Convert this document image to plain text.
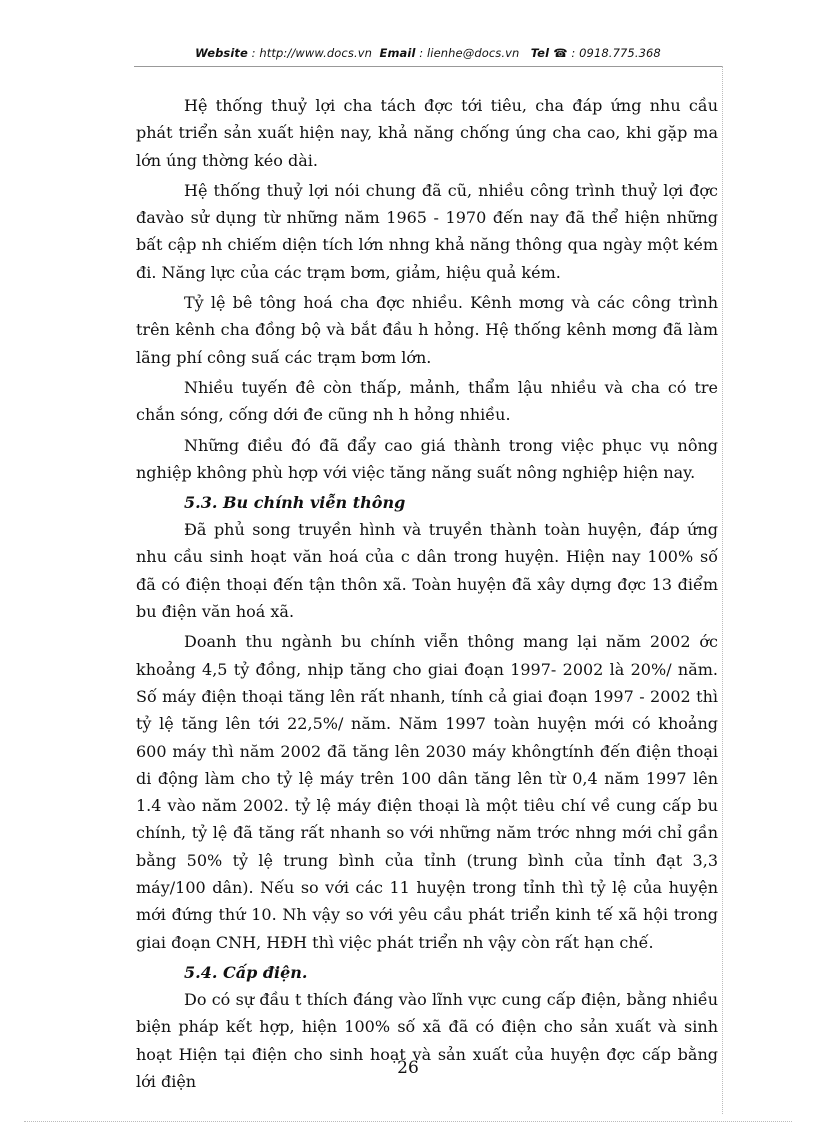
Website : http://www.docs.vn Email : lienhe@docs.vn Tel ☎ : 0918.775.368

Hệ thống thuỷ lợi cha tách đợc tới tiêu, cha đáp ứng nhu cầu phát triển sản xuất hiện nay, khả năng chống úng cha cao, khi gặp ma lớn úng thờng kéo dài.

Hệ thống thuỷ lợi nói chung đã cũ, nhiều công trình thuỷ lợi đợc đavào sử dụng từ những năm 1965 - 1970 đến nay đã thể hiện những bất cập nh chiếm diện tích lớn nhng khả năng thông qua ngày một kém đi. Năng lực của các trạm bơm, giảm, hiệu quả kém.

Tỷ lệ bê tông hoá cha đợc nhiều. Kênh mơng và các công trình trên kênh cha đồng bộ và bắt đầu h hỏng. Hệ thống kênh mơng đã làm lãng phí công suấ các trạm bơm lớn.

Nhiều tuyến đê còn thấp, mảnh, thẩm lậu nhiều và cha có tre chắn sóng, cống dới đe cũng nh h hỏng nhiều.

Những điều đó đã đẩy cao giá thành trong việc phục vụ nông nghiệp không phù hợp với việc tăng năng suất nông nghiệp hiện nay.

5.3. Bu chính viễn thông

Đã phủ song truyền hình và truyền thành toàn huyện, đáp ứng nhu cầu sinh hoạt văn hoá của c dân trong huyện. Hiện nay 100% số đã có điện thoại đến tận thôn xã. Toàn huyện đã xây dựng đợc 13 điểm bu điện văn hoá xã.

Doanh thu ngành bu chính viễn thông mang lại năm 2002 ớc khoảng 4,5 tỷ đồng, nhịp tăng cho giai đoạn 1997- 2002 là 20%/ năm. Số máy điện thoại tăng lên rất nhanh, tính cả giai đoạn 1997 - 2002 thì tỷ lệ tăng lên tới 22,5%/ năm. Năm 1997 toàn huyện mới có khoảng 600 máy thì năm 2002 đã tăng lên 2030 máy khôngtính đến điện thoại di động làm cho tỷ lệ máy trên 100 dân tăng lên từ 0,4 năm 1997 lên 1.4 vào năm 2002. tỷ lệ máy điện thoại là một tiêu chí về cung cấp bu chính, tỷ lệ đã tăng rất nhanh so với những năm trớc nhng mới chỉ gần bằng 50% tỷ lệ trung bình của tỉnh (trung bình của tỉnh đạt 3,3 máy/100 dân). Nếu so với các 11 huyện trong tỉnh thì tỷ lệ của huyện mới đứng thứ 10. Nh vậy so với yêu cầu phát triển kinh tế xã hội trong giai đoạn CNH, HĐH thì việc phát triển nh vậy còn rất hạn chế.

5.4. Cấp điện.

Do có sự đầu t thích đáng vào lĩnh vực cung cấp điện, bằng nhiều biện pháp kết hợp, hiện 100% số xã đã có điện cho sản xuất và sinh hoạt Hiện tại điện cho sinh hoạt và sản xuất của huyện đợc cấp bằng lới điện

26
